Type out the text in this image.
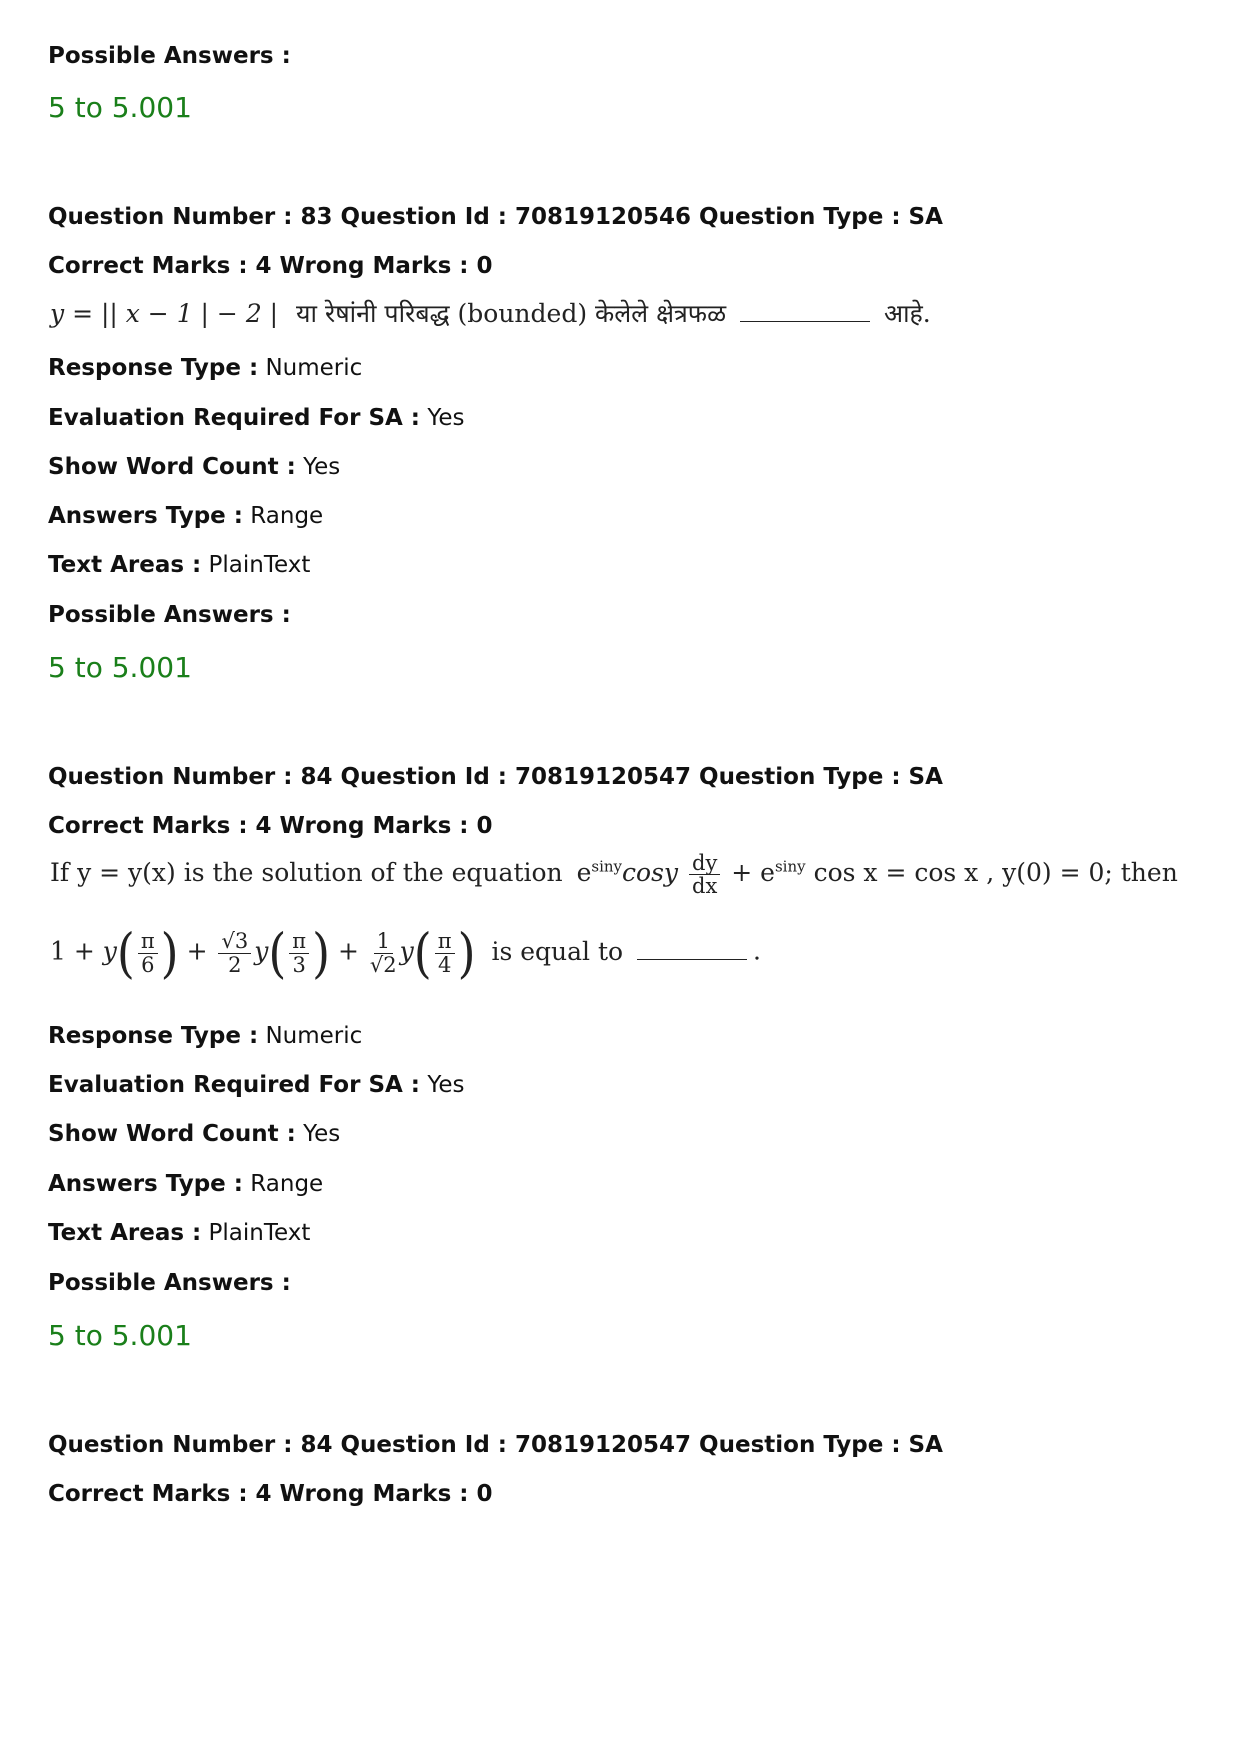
Possible Answers :
5 to 5.001
Question Number : 83 Question Id : 70819120546 Question Type : SA
Correct Marks : 4 Wrong Marks : 0
y = || x − 1 | − 2 | या रेषांनी परिबद्ध (bounded) केलेले क्षेत्रफळ	आहे.
Response Type : Numeric
Evaluation Required For SA : Yes
Show Word Count : Yes
Answers Type : Range
Text Areas : PlainText
Possible Answers :
5 to 5.001
Question Number : 84 Question Id : 70819120547 Question Type : SA
Correct Marks : 4 Wrong Marks : 0
If y = y(x) is the solution of the equation $e^{siny}\cos y \frac{dy}{dx} + e^{siny}$ cos x = cos x , y(0) = 0; then
$1 + y( \frac{\pi}{6}$ ) + $\frac{√3}{2} y( \frac{\pi}{3}$ ) + $\frac{1}{√2} y( \frac{\pi}{4}$ ) is equal to	.
Response Type : Numeric
Evaluation Required For SA : Yes
Show Word Count : Yes
Answers Type : Range
Text Areas : PlainText
Possible Answers :
5 to 5.001
Question Number : 84 Question Id : 70819120547 Question Type : SA
Correct Marks : 4 Wrong Marks : 0
